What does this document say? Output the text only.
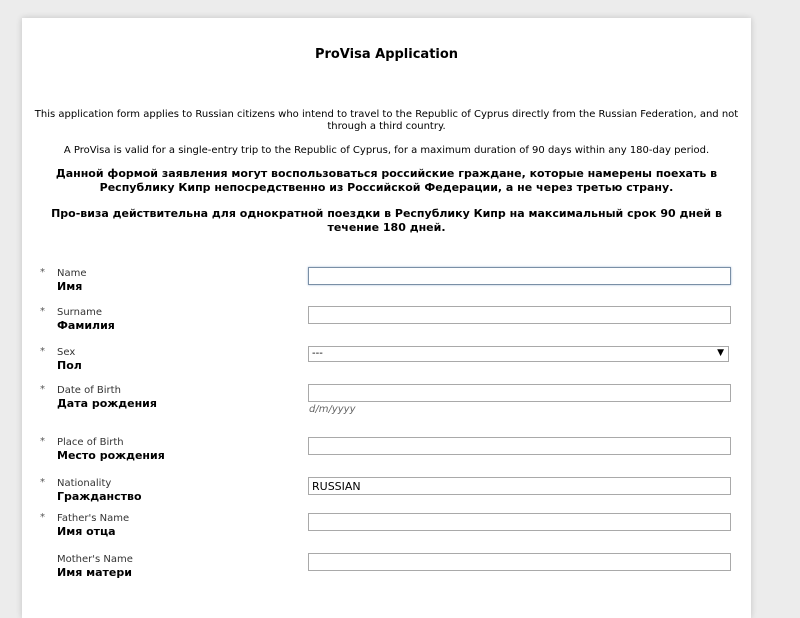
ProVisa Application
This application form applies to Russian citizens who intend to travel to the Republic of Cyprus directly from the Russian Federation, and not through a third country.
A ProVisa is valid for a single-entry trip to the Republic of Cyprus, for a maximum duration of 90 days within any 180-day period.
Данной формой заявления могут воспользоваться российские граждане, которые намерены поехать в Республику Кипр непосредственно из Российской Федерации, а не через третью страну.
Про-виза действительна для однократной поездки в Республику Кипр на максимальный срок 90 дней в течение 180 дней.
* Name
Имя
* Surname
Фамилия
* Sex
Пол
---	▼
* Date of Birth
Дата рождения	d/m/yyyy
* Place of Birth
Место рождения
* Nationality
Гражданство
RUSSIAN
* Father's Name
Имя отца
Mother's Name
Имя матери
